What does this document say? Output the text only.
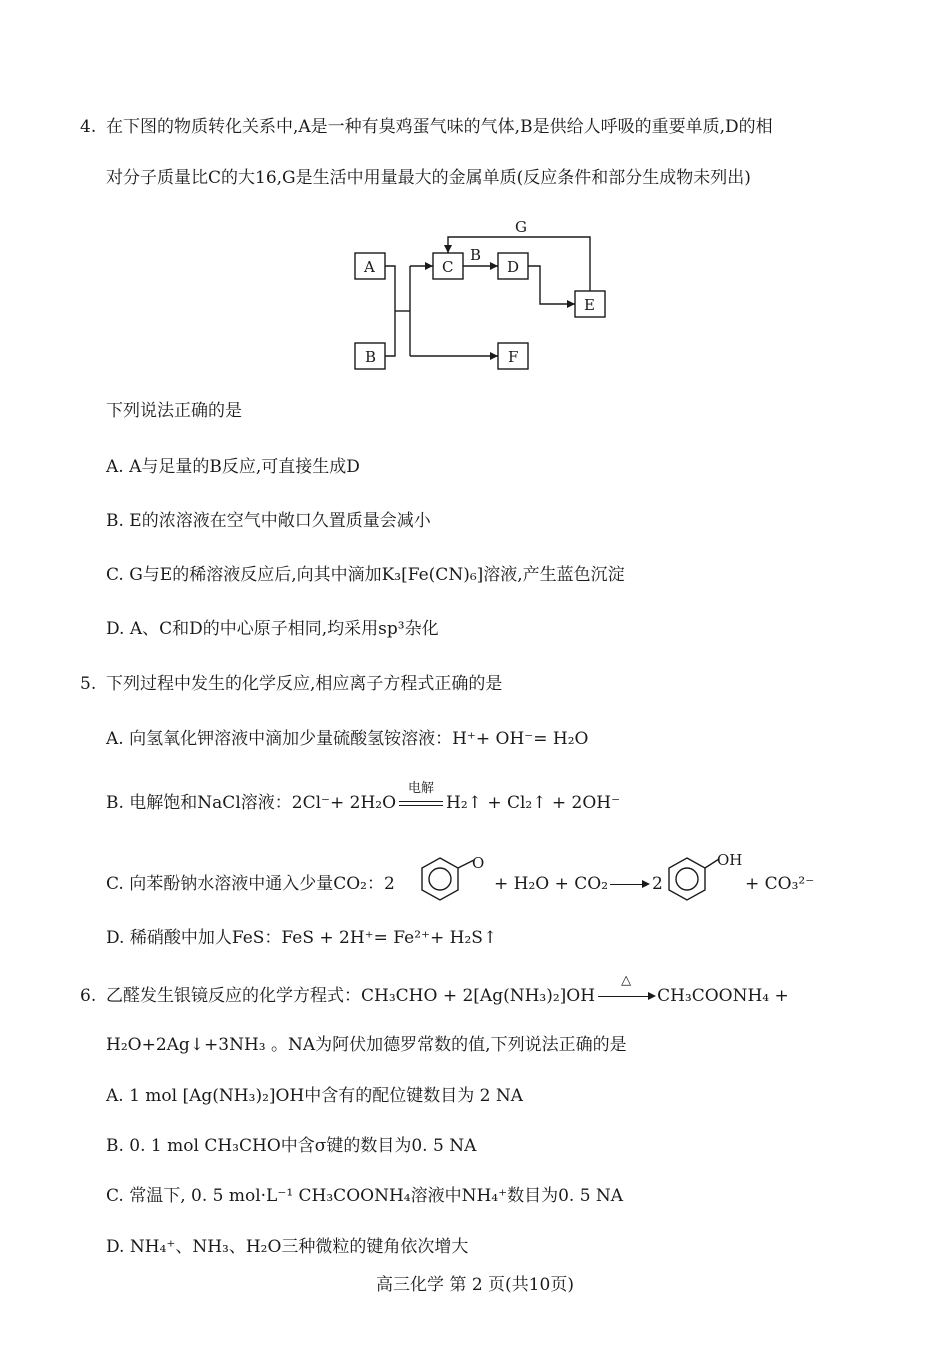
4. 在下图的物质转化关系中,A是一种有臭鸡蛋气味的气体,B是供给人呼吸的重要单质,D的相
对分子质量比C的大16,G是生活中用量最大的金属单质(反应条件和部分生成物未列出)
B
G
A
B
C	D
E
F
下列说法正确的是
A. A与足量的B反应,可直接生成D
B. E的浓溶液在空气中敞口久置质量会减小
C. G与E的稀溶液反应后,向其中滴加K₃[Fe(CN)₆]溶液,产生蓝色沉淀
D. A、C和D的中心原子相同,均采用sp³杂化
5. 下列过程中发生的化学反应,相应离子方程式正确的是
A. 向氢氧化钾溶液中滴加少量硫酸氢铵溶液：H⁺+ OH⁻= H₂O
B. 电解饱和NaCl溶液：2Cl⁻+ 2H₂O
电解
H₂↑ + Cl₂↑ + 2OH⁻
C. 向苯酚钠水溶液中通入少量CO₂：2
O
+ H₂O + CO₂	2
OH
+ CO₃²⁻
D. 稀硝酸中加人FeS：FeS + 2H⁺= Fe²⁺+ H₂S↑
6. 乙醛发生银镜反应的化学方程式：CH₃CHO + 2[Ag(NH₃)₂]OH
△
CH₃COONH₄ +
H₂O+2Ag↓+3NH₃ 。NA为阿伏加德罗常数的值,下列说法正确的是
A. 1 mol [Ag(NH₃)₂]OH中含有的配位键数目为 2 NA
B. 0. 1 mol CH₃CHO中含σ键的数目为0. 5 NA
C. 常温下, 0. 5 mol·L⁻¹ CH₃COONH₄溶液中NH₄⁺数目为0. 5 NA
D. NH₄⁺、NH₃、H₂O三种微粒的键角依次增大
高三化学 第 2 页(共10页)
